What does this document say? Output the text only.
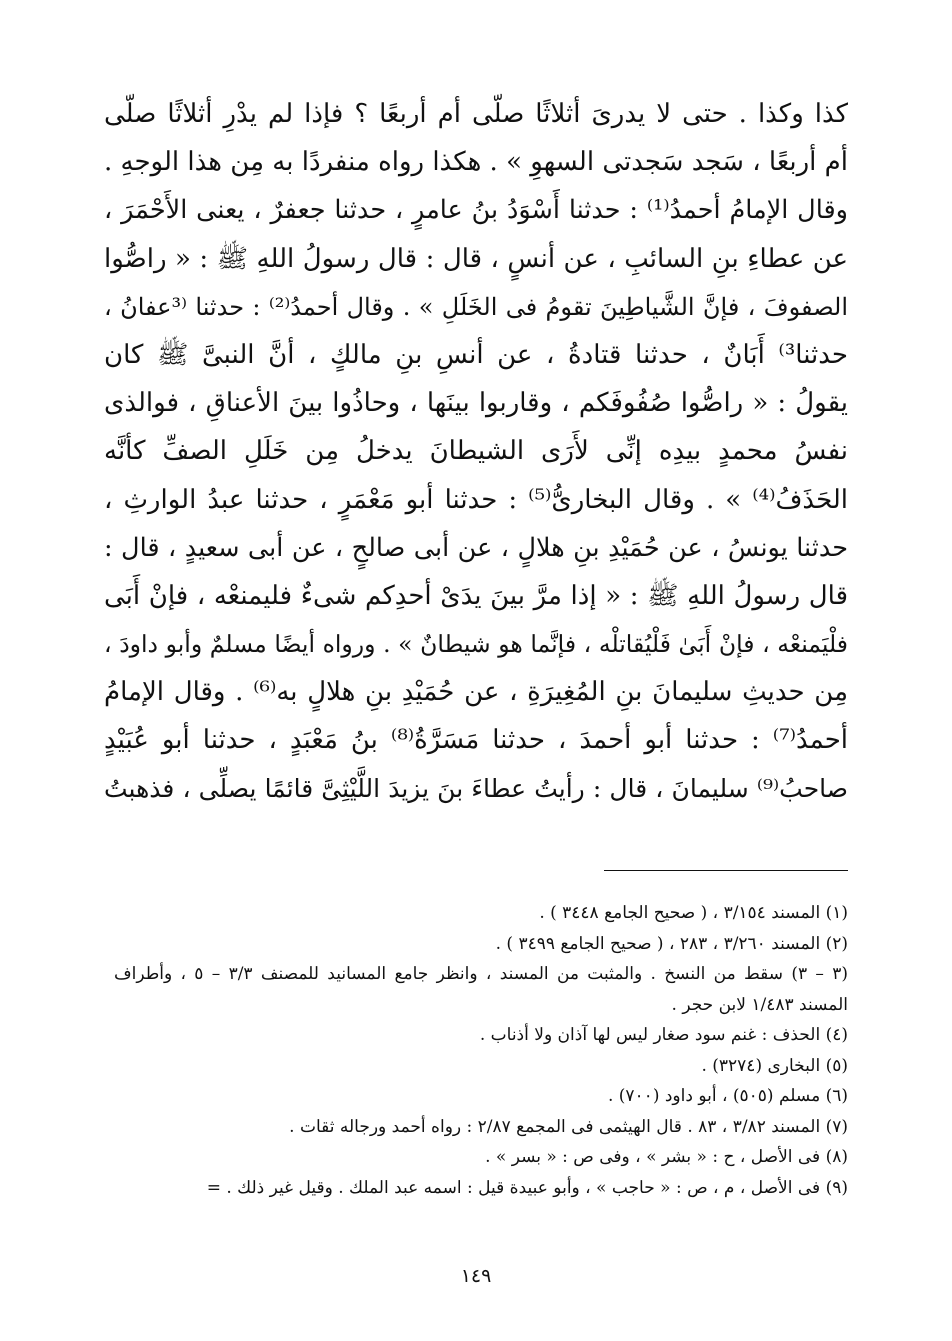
كذا وكذا . حتى لا يدرىَ أثلاثًا صلّى أم أربعًا ؟ فإذا لم يدْرِ أثلاثًا صلّى
أم أربعًا ، سَجد سَجدتى السهوِ » . هكذا رواه منفردًا به مِن هذا الوجهِ .
وقال الإمامُ أحمدُ⁽¹⁾ : حدثنا أَسْوَدُ بنُ عامرٍ ، حدثنا جعفرٌ ، يعنى الأَحْمَرَ ،
عن عطاءِ بنِ السائبِ ، عن أنسٍ ، قال : قال رسولُ اللهِ ﷺ : « راصُّوا
الصفوفَ ، فإنَّ الشَّياطِينَ تقومُ فى الخَلَلِ » . وقال أحمدُ⁽²⁾ : حدثنا ⁽³عفانُ ،
حدثنا³⁾ أَبَانٌ ، حدثنا قتادةُ ، عن أنسِ بنِ مالكٍ ، أنَّ النبىَّ ﷺ كان
يقولُ : « راصُّوا صُفُوفَكم ، وقاربوا بينَها ، وحاذُوا بينَ الأعناقِ ، فوالذى
نفسُ محمدٍ بيدِه إنِّى لأَرَى الشيطانَ يدخلُ مِن خَلَلِ الصفِّ كأنَّه
الحَذَفُ⁽⁴⁾ » . وقال البخارىُّ⁽⁵⁾ : حدثنا أبو مَعْمَرٍ ، حدثنا عبدُ الوارثِ ،
حدثنا يونسُ ، عن حُمَيْدِ بنِ هلالٍ ، عن أبى صالحٍ ، عن أبى سعيدٍ ، قال :
قال رسولُ اللهِ ﷺ : « إذا مرَّ بينَ يدَىْ أحدِكم شىءٌ فليمنعْه ، فإنْ أَبَى
فلْيَمنعْه ، فإنْ أَبَىٰ فَلْيُقاتلْه ، فإنَّما هو شيطانٌ » . ورواه أيضًا مسلمٌ وأبو داودَ ،
مِن حديثِ سليمانَ بنِ المُغِيرَةِ ، عن حُمَيْدِ بنِ هلالٍ به⁽⁶⁾ . وقال الإمامُ
أحمدُ⁽⁷⁾ : حدثنا أبو أحمدَ ، حدثنا مَسَرَّةُ⁽⁸⁾ بنُ مَعْبَدٍ ، حدثنا أبو عُبَيْدٍ
صاحبُ⁽⁹⁾ سليمانَ ، قال : رأيتُ عطاءَ بنَ يزيدَ اللَّيْثِىَّ قائمًا يصلِّى ، فذهبتُ
(١) المسند ٣/١٥٤ ، ( صحيح الجامع ٣٤٤٨ ) .
(٢) المسند ٣/٢٦٠ ، ٢٨٣ ، ( صحيح الجامع ٣٤٩٩ ) .
(٣ – ٣) سقط من النسخ . والمثبت من المسند ، وانظر جامع المسانيد للمصنف ٣/٣ – ٥ ، وأطراف
المسند ١/٤٨٣ لابن حجر .
(٤) الحذف : غنم سود صغار ليس لها آذان ولا أذناب .
(٥) البخارى (٣٢٧٤) .
(٦) مسلم (٥٠٥) ، أبو داود (٧٠٠) .
(٧) المسند ٣/٨٢ ، ٨٣ . قال الهيثمى فى المجمع ٢/٨٧ : رواه أحمد ورجاله ثقات .
(٨) فى الأصل ، ح : « بشر » ، وفى ص : « بسر » .
(٩) فى الأصل ، م ، ص : « حاجب » ، وأبو عبيدة قيل : اسمه عبد الملك . وقيل غير ذلك . =
١٤٩
